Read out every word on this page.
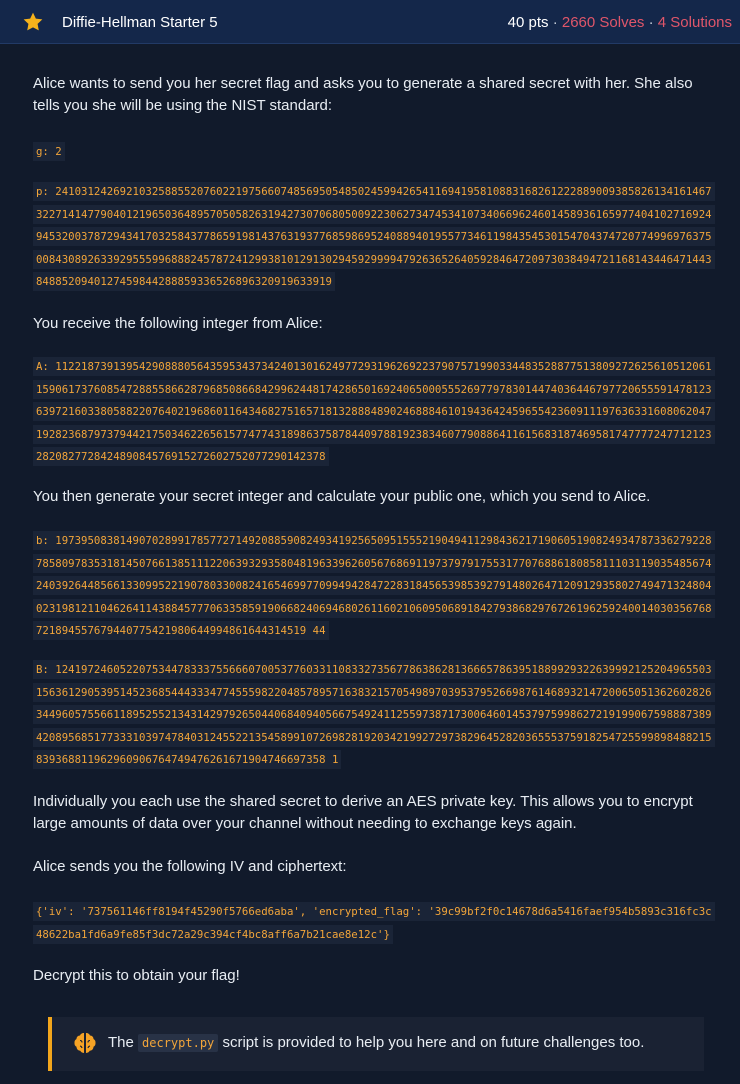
Diffie-Hellman Starter 5	40 pts · 2660 Solves · 4 Solutions

Alice wants to send you her secret flag and asks you to generate a shared secret with her. She also tells you she will be using the NIST standard:

g: 2
p: 2410312426921032588552076022197566074856950548502459942654116941958108831682612228890093858261341614673227141477904012196503648957050582631942730706805009223062734745341073406696246014589361659774041027169249453200378729434170325843778659198143763193776859869524088940195577346119843545301547043747207749969763750084308926339295559968882457872412993810129130294592999947926365264059284647209730384947211681434464714438488520940127459844288859336526896320919633919

You receive the following integer from Alice:

A: 112218739139542908880564359534373424013016249772931962692237907571990334483528877513809272625610512061159061737608547288558662879685086684299624481742865016924065000555269779783014474036446797720655591478123639721603380588220764021968601164346827516571813288848902468884610194364245965542360911197636331608062047192823687973794421750346226561577477431898637587844097881923834607790886411615683187469581747777247712123282082772842489084576915272602752077290142378

You then generate your secret integer and calculate your public one, which you send to Alice.

b: 197395083814907028991785772714920885908249341925650951555219049411298436217190605190824934787336279228785809783531814507661385111220639329358048196339626056768691197379791755317707688618085811103119035485674240392644856613309952219078033008241654699770994942847228318456539853927914802647120912935802749471324804023198121104626411438845777063358591906682406946802611602106095068918427938682976726196259240014030356768721894557679440775421980644994861644314519 44
B: 124197246052207534478333755666070053776033110833273567786386281366657863951889929322639992125204965503156361290539514523685444333477455598220485789571638321570549897039537952669876146893214720065051362602826344960575566118952552134314297926504406840940566754924112559738717300646014537975998627219199067598887389420895685177333103974784031245522135458991072698281920342199272973829645282036555375918254725599898488215839368811962960906764749476261671904746697358 1

Individually you each use the shared secret to derive an AES private key. This allows you to encrypt large amounts of data over your channel without needing to exchange keys again.

Alice sends you the following IV and ciphertext:

{'iv': '737561146ff8194f45290f5766ed6aba', 'encrypted_flag': '39c99bf2f0c14678d6a5416faef954b5893c316fc3c48622ba1fd6a9fe85f3dc72a29c394cf4bc8aff6a7b21cae8e12c'}

Decrypt this to obtain your flag!

The decrypt.py script is provided to help you here and on future challenges too.
